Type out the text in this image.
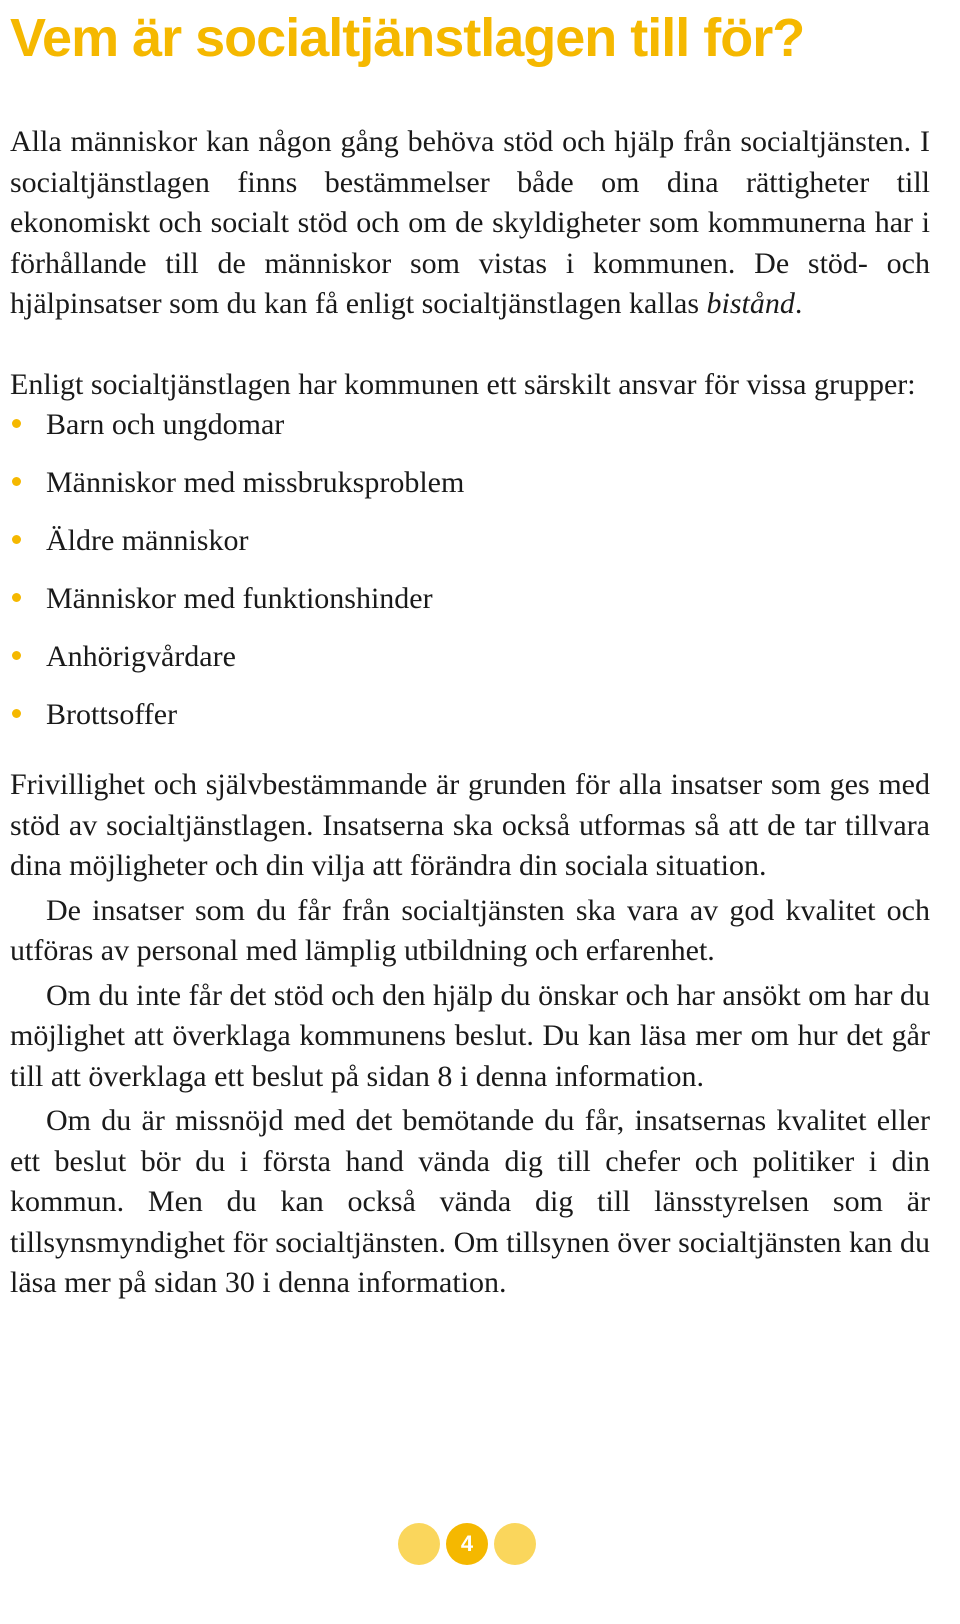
Vem är socialtjänstlagen till för?

Alla människor kan någon gång behöva stöd och hjälp från socialtjänsten. I socialtjänstlagen finns bestämmelser både om dina rättigheter till ekonomiskt och socialt stöd och om de skyldigheter som kommunerna har i förhållande till de människor som vistas i kommunen. De stöd- och hjälpinsatser som du kan få enligt socialtjänstlagen kallas bistånd.

Enligt socialtjänstlagen har kommunen ett särskilt ansvar för vissa grupper:

Barn och ungdomar
Människor med missbruksproblem
Äldre människor
Människor med funktionshinder
Anhörigvårdare
Brottsoffer

Frivillighet och självbestämmande är grunden för alla insatser som ges med stöd av socialtjänstlagen. Insatserna ska också utformas så att de tar tillvara dina möjligheter och din vilja att förändra din sociala situation.

De insatser som du får från socialtjänsten ska vara av god kvalitet och utföras av personal med lämplig utbildning och erfarenhet.

Om du inte får det stöd och den hjälp du önskar och har ansökt om har du möjlighet att överklaga kommunens beslut. Du kan läsa mer om hur det går till att överklaga ett beslut på sidan 8 i denna information.

Om du är missnöjd med det bemötande du får, insatsernas kvalitet eller ett beslut bör du i första hand vända dig till chefer och politiker i din kommun. Men du kan också vända dig till länsstyrelsen som är tillsynsmyndighet för socialtjänsten. Om tillsynen över socialtjänsten kan du läsa mer på sidan 30 i denna information.

4
